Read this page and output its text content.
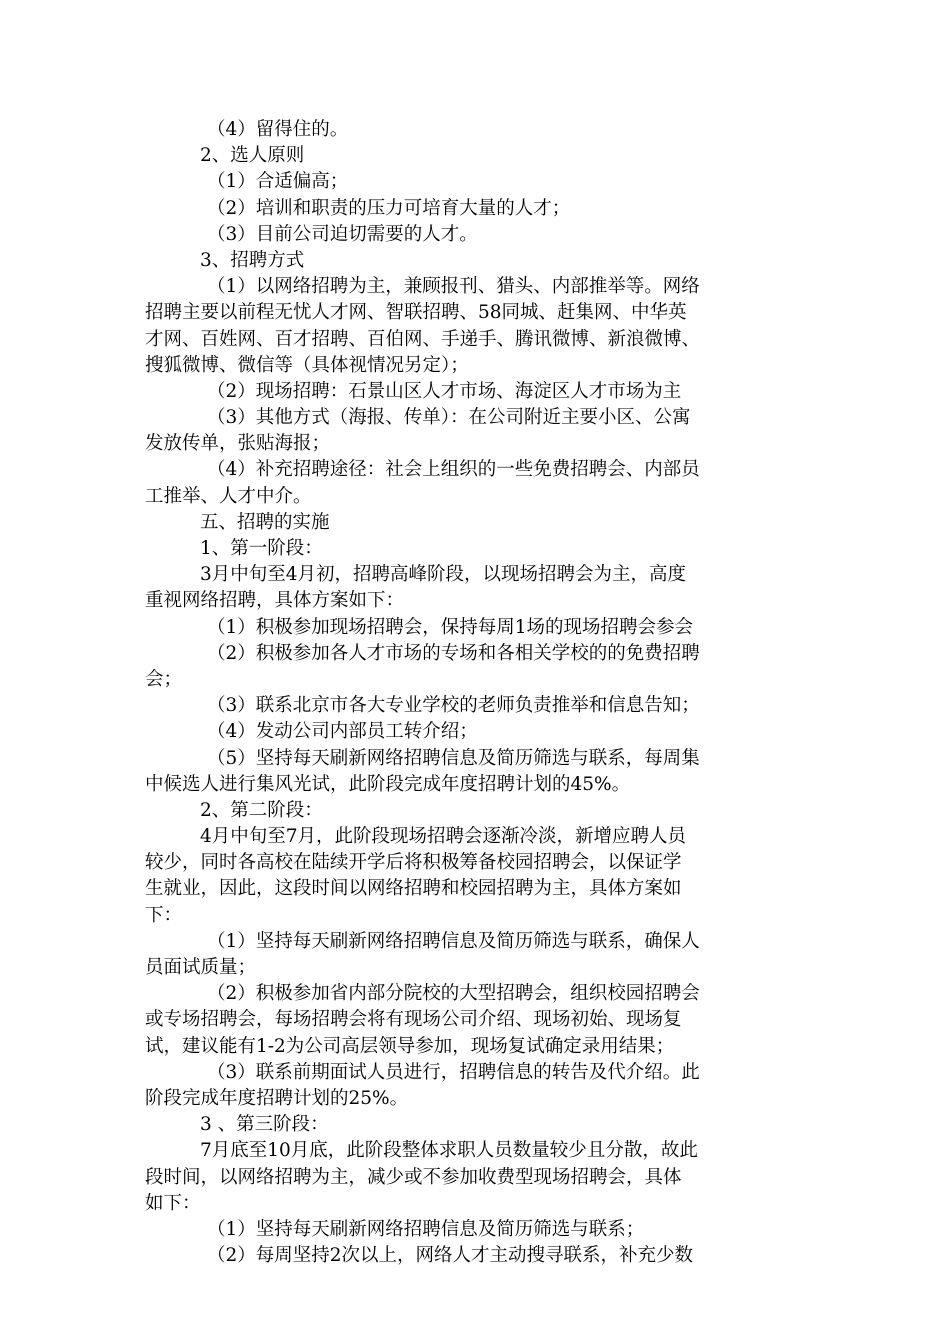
（4）留得住的。
2、选人原则
（1）合适偏高；
（2）培训和职责的压力可培育大量的人才；
（3）目前公司迫切需要的人才。
3、招聘方式
（1）以网络招聘为主，兼顾报刊、猎头、内部推举等。网络
招聘主要以前程无忧人才网、智联招聘、58同城、赶集网、中华英
才网、百姓网、百才招聘、百伯网、手递手、腾讯微博、新浪微博、
搜狐微博、微信等（具体视情况另定）；
（2）现场招聘：石景山区人才市场、海淀区人才市场为主
（3）其他方式（海报、传单）：在公司附近主要小区、公寓
发放传单，张贴海报；
（4）补充招聘途径：社会上组织的一些免费招聘会、内部员
工推举、人才中介。
五、招聘的实施
1、第一阶段：
3月中旬至4月初，招聘高峰阶段，以现场招聘会为主，高度
重视网络招聘，具体方案如下：
（1）积极参加现场招聘会，保持每周1场的现场招聘会参会
（2）积极参加各人才市场的专场和各相关学校的的免费招聘
会；
（3）联系北京市各大专业学校的老师负责推举和信息告知；
（4）发动公司内部员工转介绍；
（5）坚持每天刷新网络招聘信息及简历筛选与联系，每周集
中候选人进行集风光试，此阶段完成年度招聘计划的45%。
2、第二阶段：
4月中旬至7月，此阶段现场招聘会逐渐冷淡，新增应聘人员
较少，同时各高校在陆续开学后将积极筹备校园招聘会，以保证学
生就业，因此，这段时间以网络招聘和校园招聘为主，具体方案如
下：
（1）坚持每天刷新网络招聘信息及简历筛选与联系，确保人
员面试质量；
（2）积极参加省内部分院校的大型招聘会，组织校园招聘会
或专场招聘会，每场招聘会将有现场公司介绍、现场初始、现场复
试，建议能有1-2为公司高层领导参加，现场复试确定录用结果；
（3）联系前期面试人员进行，招聘信息的转告及代介绍。此
阶段完成年度招聘计划的25%。
3 、第三阶段：
7月底至10月底，此阶段整体求职人员数量较少且分散，故此
段时间，以网络招聘为主，减少或不参加收费型现场招聘会，具体
如下：
（1）坚持每天刷新网络招聘信息及简历筛选与联系；
（2）每周坚持2次以上，网络人才主动搜寻联系，补充少数
